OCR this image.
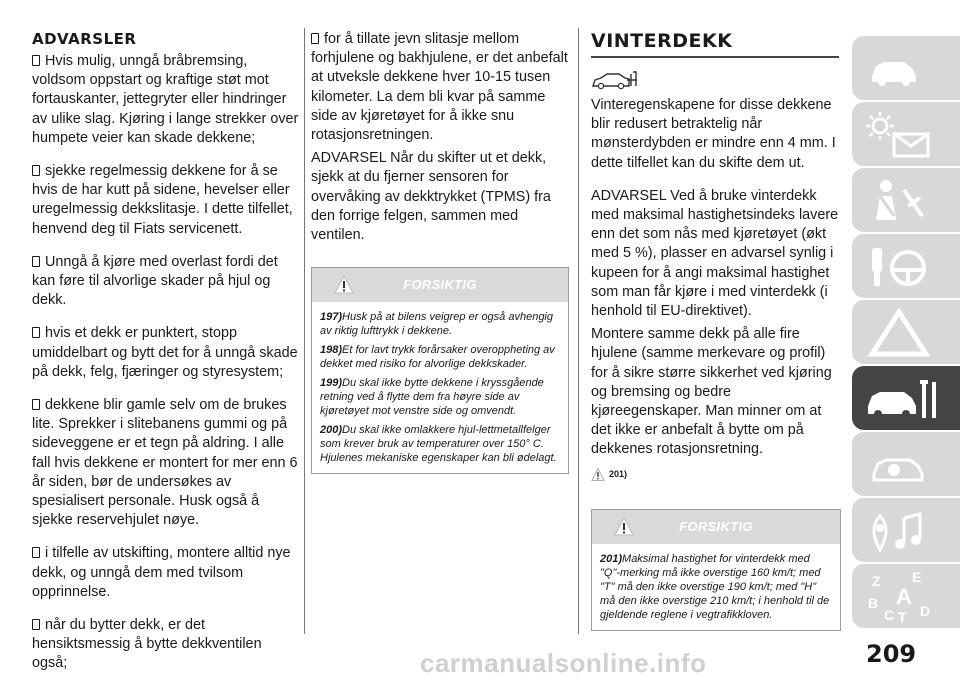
ADVARSLER

Hvis mulig, unngå bråbremsing, voldsom oppstart og kraftige støt mot fortauskanter, jettegryter eller hindringer av ulike slag. Kjøring i lange strekker over humpete veier kan skade dekkene;

sjekke regelmessig dekkene for å se hvis de har kutt på sidene, hevelser eller uregelmessig dekkslitasje. I dette tilfellet, henvend deg til Fiats servicenett.

Unngå å kjøre med overlast fordi det kan føre til alvorlige skader på hjul og dekk.

hvis et dekk er punktert, stopp umiddelbart og bytt det for å unngå skade på dekk, felg, fjæringer og styresystem;

dekkene blir gamle selv om de brukes lite. Sprekker i slitebanens gummi og på sideveggene er et tegn på aldring. I alle fall hvis dekkene er montert for mer enn 6 år siden, bør de undersøkes av spesialisert personale. Husk også å sjekke reservehjulet nøye.

i tilfelle av utskifting, montere alltid nye dekk, og unngå dem med tvilsom opprinnelse.

når du bytter dekk, er det hensiktsmessig å bytte dekkventilen også;

for å tillate jevn slitasje mellom forhjulene og bakhjulene, er det anbefalt at utveksle dekkene hver 10-15 tusen kilometer. La dem bli kvar på samme side av kjøretøyet for å ikke snu rotasjonsretningen.

ADVARSEL Når du skifter ut et dekk, sjekk at du fjerner sensoren for overvåking av dekktrykket (TPMS) fra den forrige felgen, sammen med ventilen.

FORSIKTIG

197)Husk på at bilens veigrep er også avhengig av riktig lufttrykk i dekkene.

198)Et for lavt trykk forårsaker overoppheting av dekket med risiko for alvorlige dekkskader.

199)Du skal ikke bytte dekkene i kryssgående retning ved å flytte dem fra høyre side av kjøretøyet mot venstre side og omvendt.

200)Du skal ikke omlakkere hjul-lettmetallfelger som krever bruk av temperaturer over 150° C. Hjulenes mekaniske egenskaper kan bli ødelagt.

VINTERDEKK

Vinteregenskapene for disse dekkene blir redusert betraktelig når mønsterdybden er mindre enn 4 mm. I dette tilfellet kan du skifte dem ut.

ADVARSEL Ved å bruke vinterdekk med maksimal hastighetsindeks lavere enn det som nås med kjøretøyet (økt med 5 %), plasser en advarsel synlig i kupeen for å angi maksimal hastighet som man får kjøre i med vinterdekk (i henhold til EU-direktivet).

Montere samme dekk på alle fire hjulene (samme merkevare og profil) for å sikre større sikkerhet ved kjøring og bremsing og bedre kjøreegenskaper. Man minner om at det ikke er anbefalt å bytte om på dekkenes rotasjonsretning.

201)
FORSIKTIG

201)Maksimal hastighet for vinterdekk med "Q"-merking må ikke overstige 160 km/t; med "T" må den ikke overstige 190 km/t; med "H" må den ikke overstige 210 km/t; i henhold til de gjeldende reglene i vegtrafikkloven.

Z E
B A
C T D
209
carmanualsonline.info
